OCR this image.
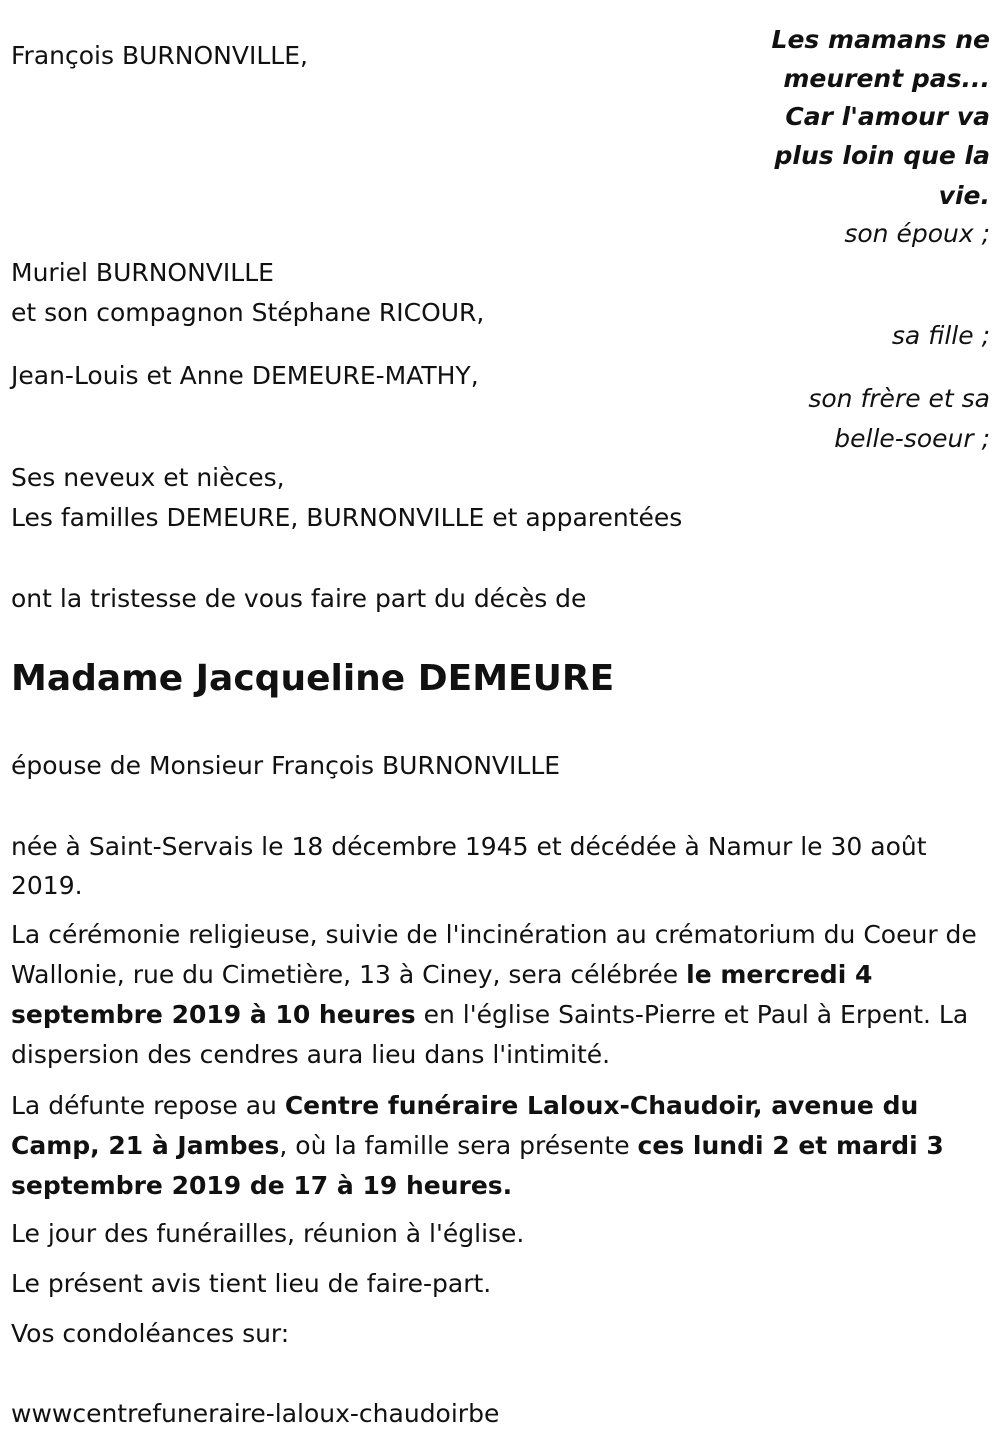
Les mamans ne
meurent pas...
Car l'amour va
plus loin que la
vie.
François BURNONVILLE,
son époux ;
Muriel BURNONVILLE
et son compagnon Stéphane RICOUR,
sa fille ;
Jean-Louis et Anne DEMEURE-MATHY,
son frère et sa
belle-soeur ;
Ses neveux et nièces,
Les familles DEMEURE, BURNONVILLE et apparentées
ont la tristesse de vous faire part du décès de
Madame Jacqueline DEMEURE
épouse de Monsieur François BURNONVILLE
née à Saint-Servais le 18 décembre 1945 et décédée à Namur le 30 août
2019.
La cérémonie religieuse, suivie de l'incinération au crématorium du Coeur de Wallonie, rue du Cimetière, 13 à Ciney, sera célébrée le mercredi 4 septembre 2019 à 10 heures en l'église Saints-Pierre et Paul à Erpent. La dispersion des cendres aura lieu dans l'intimité.
La défunte repose au Centre funéraire Laloux-Chaudoir, avenue du Camp, 21 à Jambes, où la famille sera présente ces lundi 2 et mardi 3 septembre 2019 de 17 à 19 heures.
Le jour des funérailles, réunion à l'église.
Le présent avis tient lieu de faire-part.
Vos condoléances sur:
wwwcentrefuneraire-laloux-chaudoirbe
